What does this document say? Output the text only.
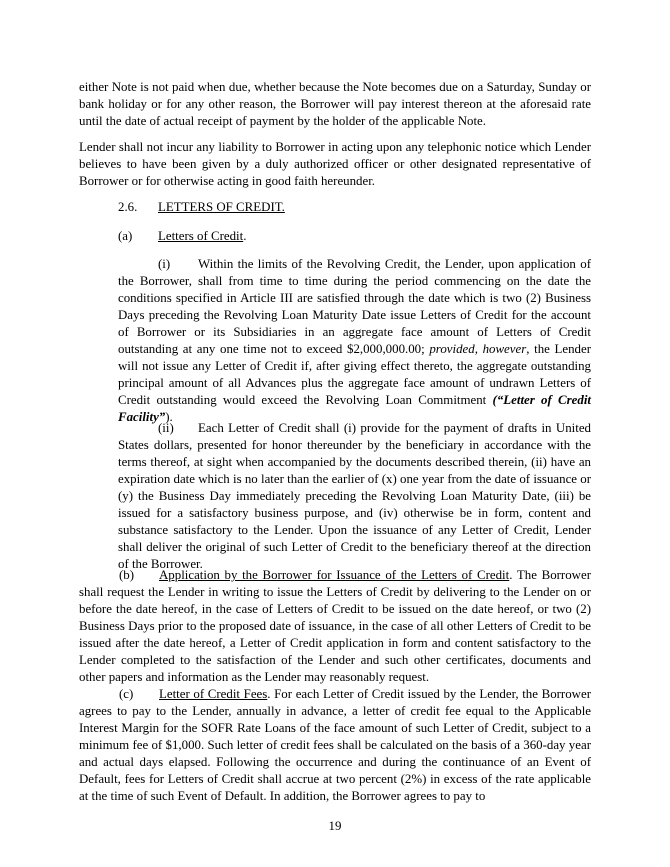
either Note is not paid when due, whether because the Note becomes due on a Saturday, Sunday or bank holiday or for any other reason, the Borrower will pay interest thereon at the aforesaid rate until the date of actual receipt of payment by the holder of the applicable Note.

Lender shall not incur any liability to Borrower in acting upon any telephonic notice which Lender believes to have been given by a duly authorized officer or other designated representative of Borrower or for otherwise acting in good faith hereunder.

2.6. LETTERS OF CREDIT.
(a) Letters of Credit.

(i) Within the limits of the Revolving Credit, the Lender, upon application of the Borrower, shall from time to time during the period commencing on the date the conditions specified in Article III are satisfied through the date which is two (2) Business Days preceding the Revolving Loan Maturity Date issue Letters of Credit for the account of Borrower or its Subsidiaries in an aggregate face amount of Letters of Credit outstanding at any one time not to exceed $2,000,000.00; provided, however, the Lender will not issue any Letter of Credit if, after giving effect thereto, the aggregate outstanding principal amount of all Advances plus the aggregate face amount of undrawn Letters of Credit outstanding would exceed the Revolving Loan Commitment (“Letter of Credit Facility”).

(ii) Each Letter of Credit shall (i) provide for the payment of drafts in United States dollars, presented for honor thereunder by the beneficiary in accordance with the terms thereof, at sight when accompanied by the documents described therein, (ii) have an expiration date which is no later than the earlier of (x) one year from the date of issuance or (y) the Business Day immediately preceding the Revolving Loan Maturity Date, (iii) be issued for a satisfactory business purpose, and (iv) otherwise be in form, content and substance satisfactory to the Lender. Upon the issuance of any Letter of Credit, Lender shall deliver the original of such Letter of Credit to the beneficiary thereof at the direction of the Borrower.

(b) Application by the Borrower for Issuance of the Letters of Credit. The Borrower shall request the Lender in writing to issue the Letters of Credit by delivering to the Lender on or before the date hereof, in the case of Letters of Credit to be issued on the date hereof, or two (2) Business Days prior to the proposed date of issuance, in the case of all other Letters of Credit to be issued after the date hereof, a Letter of Credit application in form and content satisfactory to the Lender completed to the satisfaction of the Lender and such other certificates, documents and other papers and information as the Lender may reasonably request.

(c) Letter of Credit Fees. For each Letter of Credit issued by the Lender, the Borrower agrees to pay to the Lender, annually in advance, a letter of credit fee equal to the Applicable Interest Margin for the SOFR Rate Loans of the face amount of such Letter of Credit, subject to a minimum fee of $1,000. Such letter of credit fees shall be calculated on the basis of a 360-day year and actual days elapsed. Following the occurrence and during the continuance of an Event of Default, fees for Letters of Credit shall accrue at two percent (2%) in excess of the rate applicable at the time of such Event of Default. In addition, the Borrower agrees to pay to

19
